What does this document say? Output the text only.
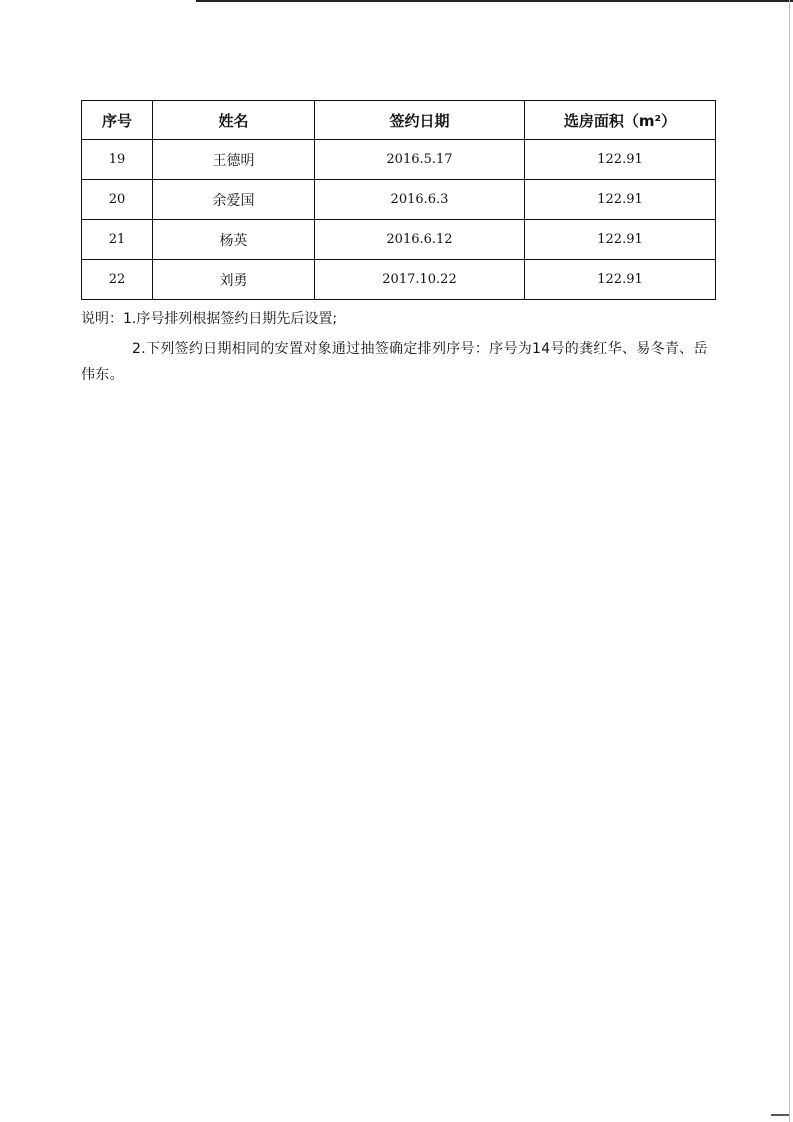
序号	姓名	签约日期	选房面积（m²）
19	王德明	2016.5.17	122.91
20	余爱国	2016.6.3	122.91
21	杨英	2016.6.12	122.91
22	刘勇	2017.10.22	122.91

说明：1.序号排列根据签约日期先后设置;

2.下列签约日期相同的安置对象通过抽签确定排列序号：序号为14号的龚红华、易冬青、岳伟东。
